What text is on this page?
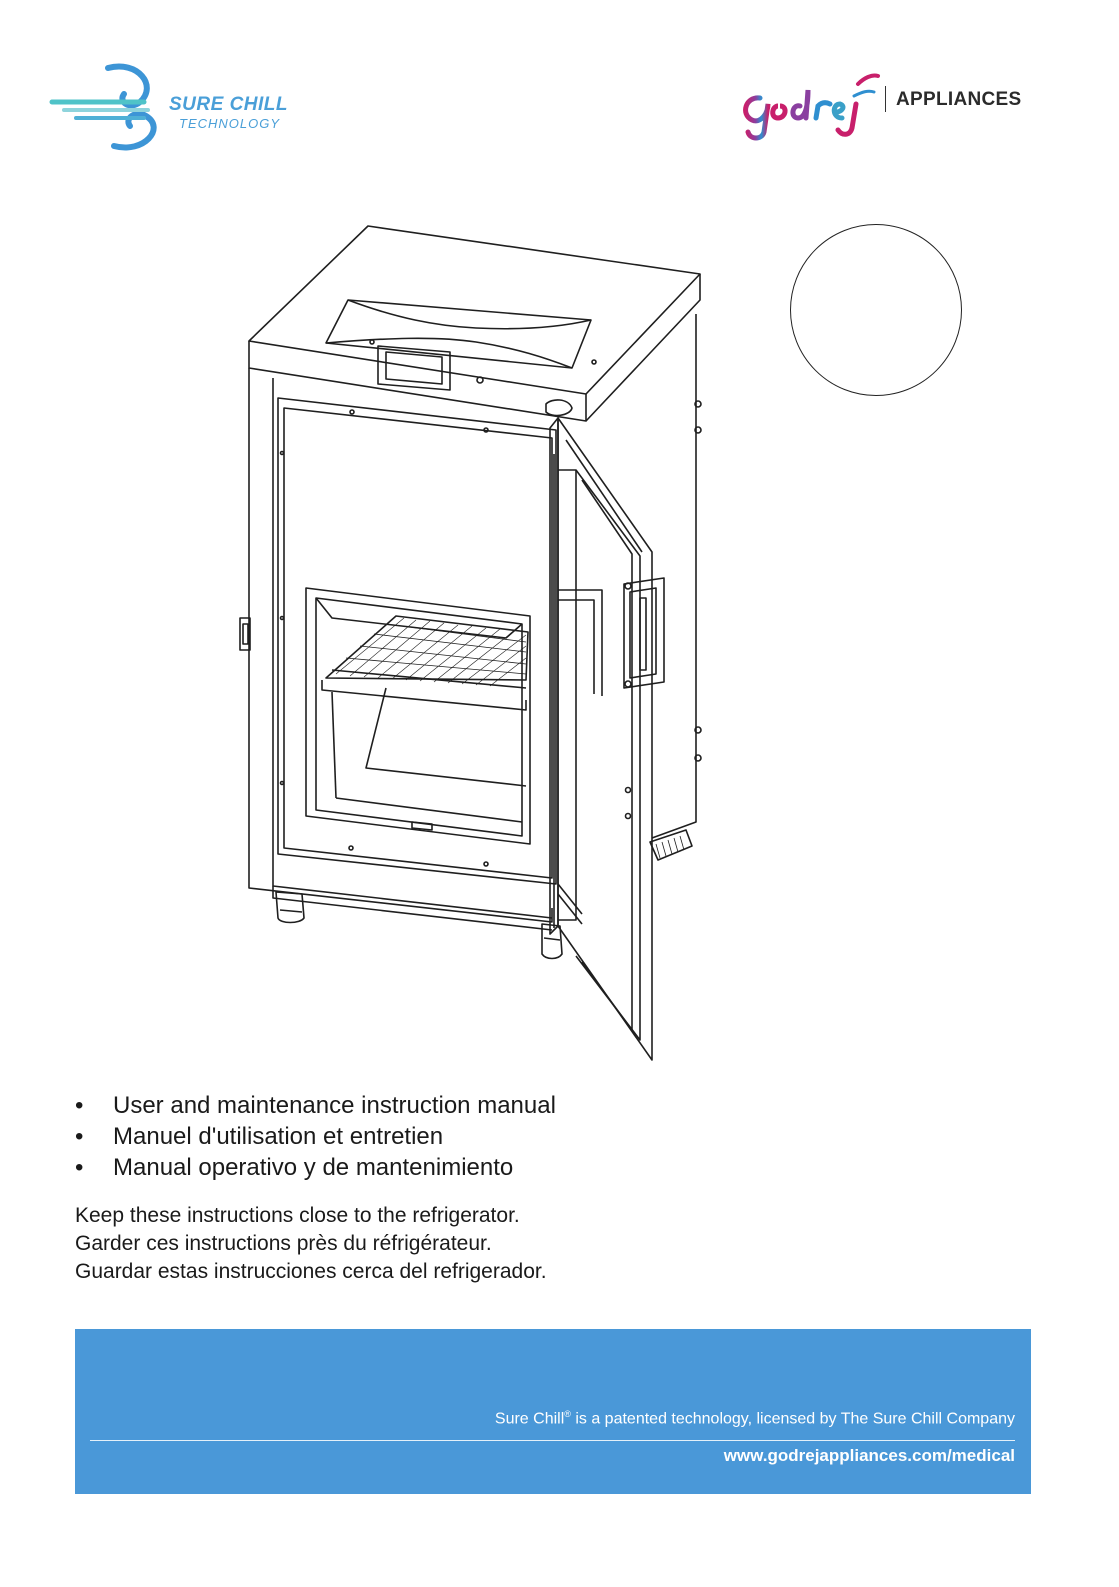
SURE CHILL
TECHNOLOGY
APPLIANCES
• User and maintenance instruction manual
• Manuel d'utilisation et entretien
• Manual operativo y de mantenimiento
Keep these instructions close to the refrigerator.
Garder ces instructions près du réfrigérateur.
Guardar estas instrucciones cerca del refrigerador.
Sure Chill® is a patented technology, licensed by The Sure Chill Company
www.godrejappliances.com/medical
